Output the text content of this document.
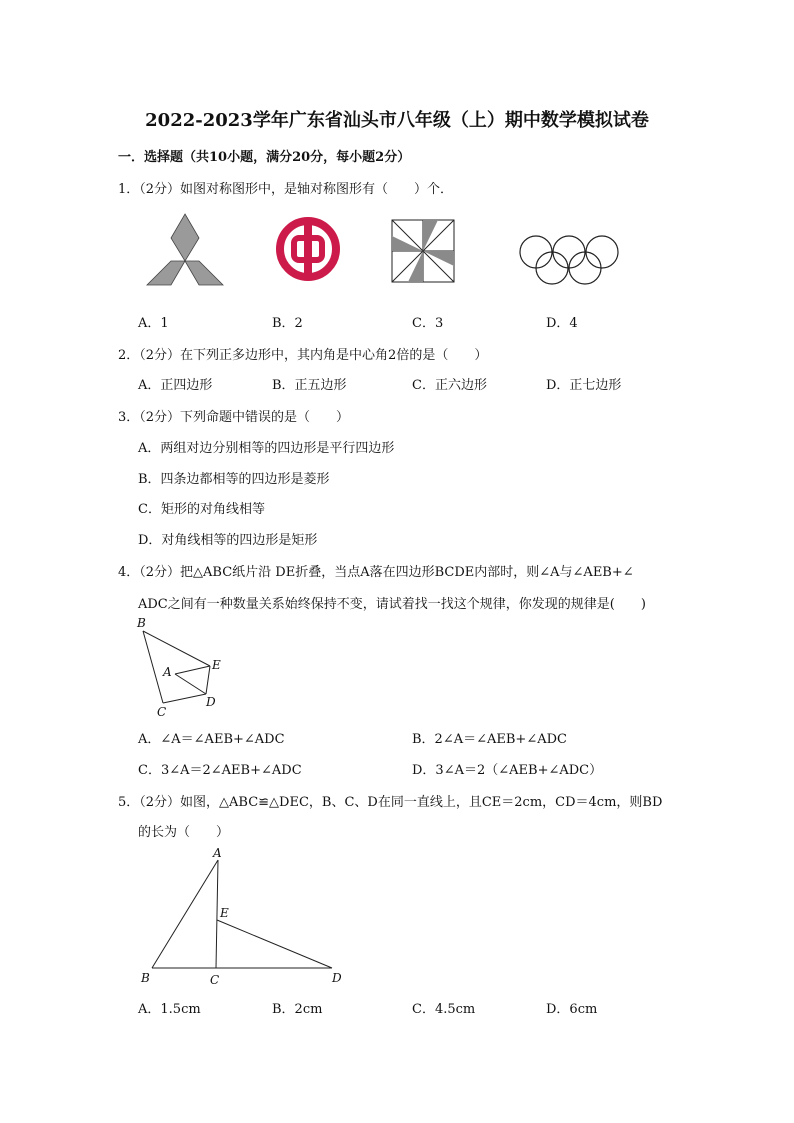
2022-2023学年广东省汕头市八年级（上）期中数学模拟试卷
一．选择题（共10小题，满分20分，每小题2分）
1．（2分）如图对称图形中，是轴对称图形有（　　）个．
A．1	B．2	C．3	D．4
2．（2分）在下列正多边形中，其内角是中心角2倍的是（　　）
A．正四边形	B．正五边形	C．正六边形	D．正七边形
3．（2分）下列命题中错误的是（　　）
A．两组对边分别相等的四边形是平行四边形
B．四条边都相等的四边形是菱形
C．矩形的对角线相等
D．对角线相等的四边形是矩形
4．（2分）把△ABC纸片沿 DE折叠，当点A落在四边形BCDE内部时，则∠A与∠AEB+∠
ADC之间有一种数量关系始终保持不变，请试着找一找这个规律，你发现的规律是(　　)
B
A	E
D
C
A．∠A＝∠AEB+∠ADC	B．2∠A＝∠AEB+∠ADC
C．3∠A＝2∠AEB+∠ADC	D．3∠A＝2（∠AEB+∠ADC）
5．（2分）如图，△ABC≌△DEC，B、C、D在同一直线上，且CE＝2cm，CD＝4cm，则BD
的长为（　　）
A
E
B	C	D
A．1.5cm	B．2cm	C．4.5cm	D．6cm
